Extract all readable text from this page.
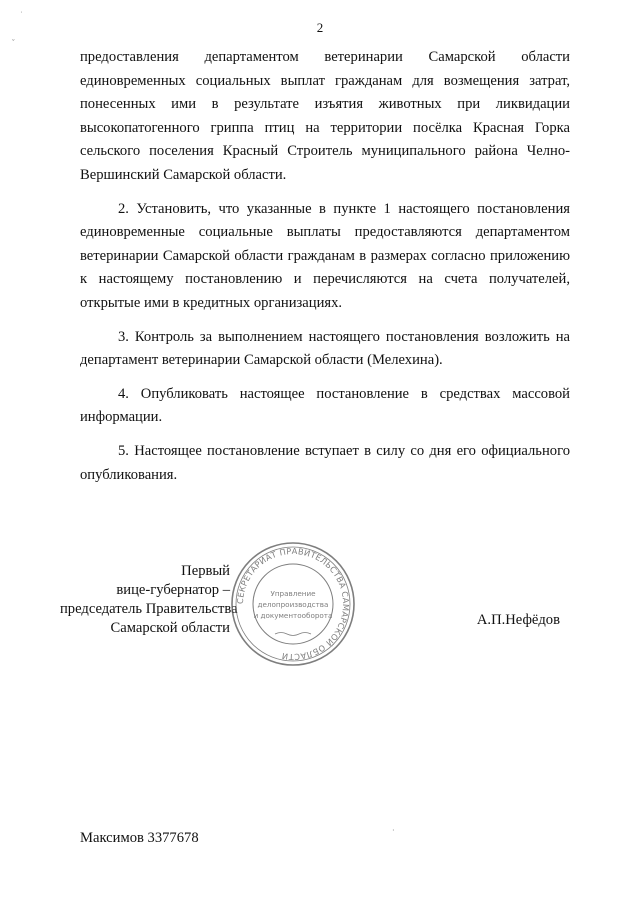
2
˙
ˇ

предоставления департаментом ветеринарии Самарской области единовременных социальных выплат гражданам для возмещения затрат, понесенных ими в результате изъятия животных при ликвидации высокопатогенного гриппа птиц на территории посёлка Красная Горка сельского поселения Красный Строитель муниципального района Челно-Вершинский Самарской области.

2. Установить, что указанные в пункте 1 настоящего постановления единовременные социальные выплаты предоставляются департаментом ветеринарии Самарской области гражданам в размерах согласно приложению к настоящему постановлению и перечисляются на счета получателей, открытые ими в кредитных организациях.

3. Контроль за выполнением настоящего постановления возложить на департамент ветеринарии Самарской области (Мелехина).

4. Опубликовать настоящее постановление в средствах массовой информации.

5. Настоящее постановление вступает в силу со дня его официального опубликования.

Первый
вице-губернатор –
председатель Правительства
Самарской области
СЕКРЕТАРИАТ ПРАВИТЕЛЬСТВА САМАРСКОЙ ОБЛАСТИ
Управление
делопроизводства
и документооборота	А.П.Нефёдов
Максимов 3377678	·
